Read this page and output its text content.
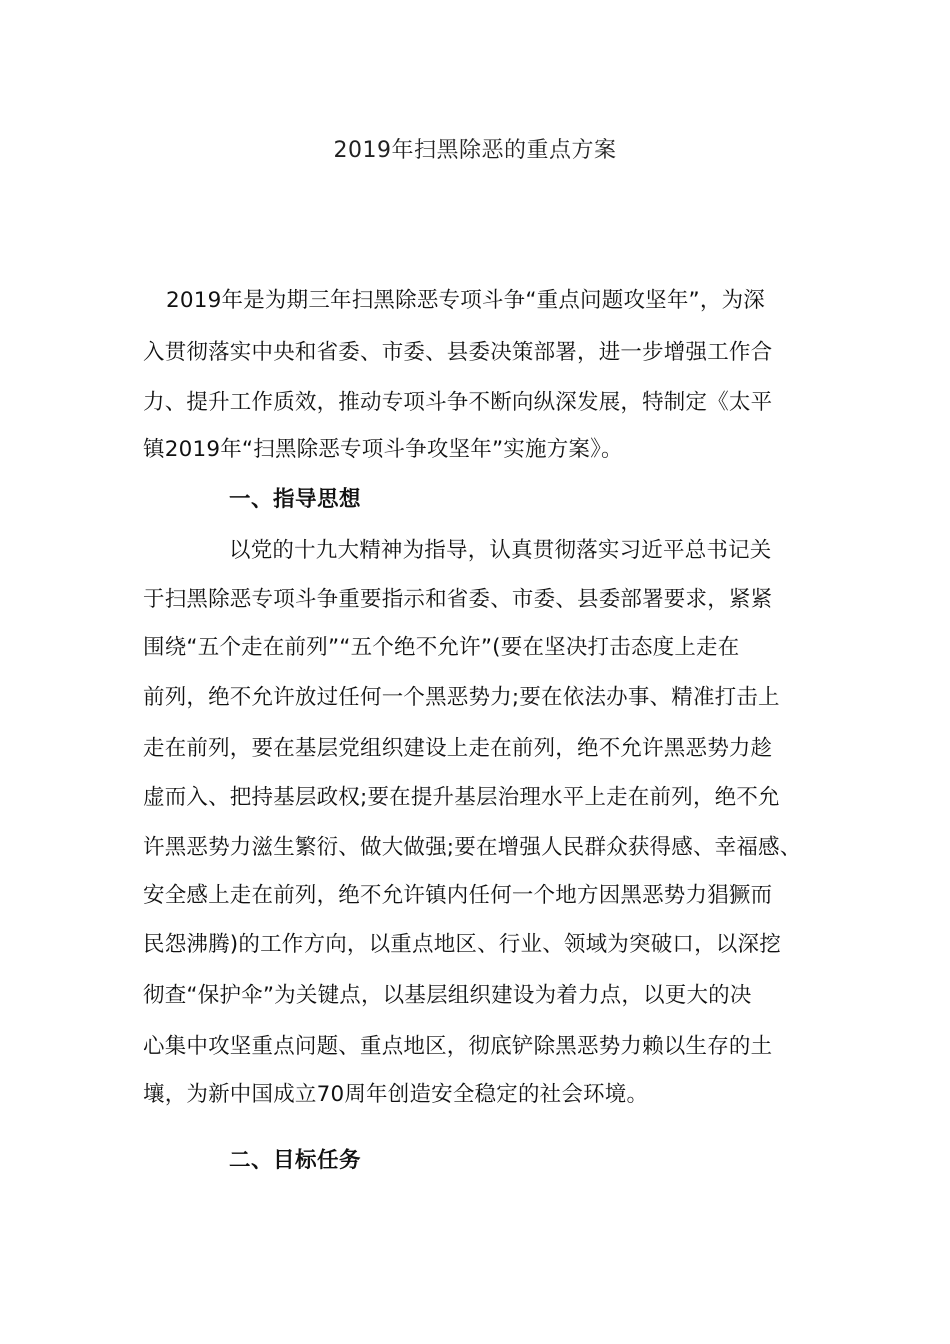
2019年扫黑除恶的重点方案
2019年是为期三年扫黑除恶专项斗争“重点问题攻坚年”，为深
入贯彻落实中央和省委、市委、县委决策部署，进一步增强工作合
力、提升工作质效，推动专项斗争不断向纵深发展，特制定《太平
镇2019年“扫黑除恶专项斗争攻坚年”实施方案》。
一、指导思想
以党的十九大精神为指导，认真贯彻落实习近平总书记关
于扫黑除恶专项斗争重要指示和省委、市委、县委部署要求，紧紧
围绕“五个走在前列”“五个绝不允许”(要在坚决打击态度上走在
前列，绝不允许放过任何一个黑恶势力;要在依法办事、精准打击上
走在前列，要在基层党组织建设上走在前列，绝不允许黑恶势力趁
虚而入、把持基层政权;要在提升基层治理水平上走在前列，绝不允
许黑恶势力滋生繁衍、做大做强;要在增强人民群众获得感、幸福感、
安全感上走在前列，绝不允许镇内任何一个地方因黑恶势力猖獗而
民怨沸腾)的工作方向，以重点地区、行业、领域为突破口，以深挖
彻查“保护伞”为关键点，以基层组织建设为着力点，以更大的决
心集中攻坚重点问题、重点地区，彻底铲除黑恶势力赖以生存的土
壤，为新中国成立70周年创造安全稳定的社会环境。
二、目标任务
